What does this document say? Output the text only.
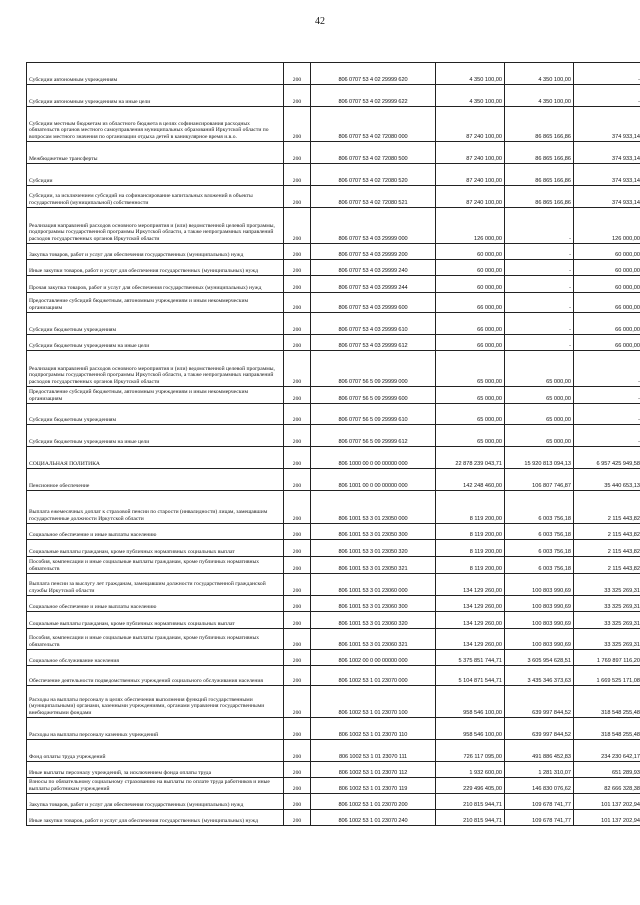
42
Субсидии автономным учреждениям	200	806 0707 53 4 02 29999 620	4 350 100,00	4 350 100,00	-
Субсидии автономным учреждениям на иные цели	200	806 0707 53 4 02 29999 622	4 350 100,00	4 350 100,00	-
Субсидии местным бюджетам из областного бюджета в целях софинансирования расходных обязательств органов местного самоуправления муниципальных образований Иркутской области по вопросам местного значения по организации отдыха детей в каникулярное время и.в.о.	200	806 0707 53 4 02 72080 000	87 240 100,00	86 865 166,86	374 933,14
Межбюджетные трансферты	200	806 0707 53 4 02 72080 500	87 240 100,00	86 865 166,86	374 933,14
Субсидии	200	806 0707 53 4 02 72080 520	87 240 100,00	86 865 166,86	374 933,14
Субсидии, за исключением субсидий на софинансирование капитальных вложений в объекты государственной (муниципальной) собственности	200	806 0707 53 4 02 72080 521	87 240 100,00	86 865 166,86	374 933,14
Реализация направлений расходов основного мероприятия и (или) ведомственной целевой программы, подпрограммы государственной программы Иркутской области, а также непрограммных направлений расходов государственных органов Иркутской области	200	806 0707 53 4 03 29999 000	126 000,00	-	126 000,00
Закупка товаров, работ и услуг для обеспечения государственных (муниципальных) нужд	200	806 0707 53 4 03 29999 200	60 000,00	-	60 000,00
Иные закупки товаров, работ и услуг для обеспечения государственных (муниципальных) нужд	200	806 0707 53 4 03 29999 240	60 000,00	-	60 000,00
Прочая закупка товаров, работ и услуг для обеспечения государственных (муниципальных) нужд	200	806 0707 53 4 03 29999 244	60 000,00	-	60 000,00
Предоставление субсидий бюджетным, автономным учреждениям и иным некоммерческим организациям	200	806 0707 53 4 03 29999 600	66 000,00	-	66 000,00
Субсидии бюджетным учреждениям	200	806 0707 53 4 03 29999 610	66 000,00	-	66 000,00
Субсидии бюджетным учреждениям на иные цели	200	806 0707 53 4 03 29999 612	66 000,00	-	66 000,00
Реализация направлений расходов основного мероприятия и (или) ведомственной целевой программы, подпрограммы государственной программы Иркутской области, а также непрограммных направлений расходов государственных органов Иркутской области	200	806 0707 56 5 09 29999 000	65 000,00	65 000,00	-
Предоставление субсидий бюджетным, автономным учреждениям и иным некоммерческим организациям	200	806 0707 56 5 09 29999 600	65 000,00	65 000,00	-
Субсидии бюджетным учреждениям	200	806 0707 56 5 09 29999 610	65 000,00	65 000,00	-
Субсидии бюджетным учреждениям на иные цели	200	806 0707 56 5 09 29999 612	65 000,00	65 000,00	-
СОЦИАЛЬНАЯ ПОЛИТИКА	200	806 1000 00 0 00 00000 000	22 878 239 043,71	15 920 813 094,13	6 957 425 949,58
Пенсионное обеспечение	200	806 1001 00 0 00 00000 000	142 248 460,00	106 807 746,87	35 440 653,13
Выплата ежемесячных доплат к страховой пенсии по старости (инвалидности) лицам, замещавшим государственные должности Иркутской области	200	806 1001 53 3 01 23050 000	8 119 200,00	6 003 756,18	2 115 443,82
Социальное обеспечение и иные выплаты населению	200	806 1001 53 3 01 23050 300	8 119 200,00	6 003 756,18	2 115 443,82
Социальные выплаты гражданам, кроме публичных нормативных социальных выплат	200	806 1001 53 3 01 23050 320	8 119 200,00	6 003 756,18	2 115 443,82
Пособия, компенсации и иные социальные выплаты гражданам, кроме публичных нормативных обязательств	200	806 1001 53 3 01 23050 321	8 119 200,00	6 003 756,18	2 115 443,82
Выплата пенсии за выслугу лет гражданам, замещавшим должности государственной гражданской службы Иркутской области	200	806 1001 53 3 01 23060 000	134 129 260,00	100 803 990,69	33 325 269,31
Социальное обеспечение и иные выплаты населению	200	806 1001 53 3 01 23060 300	134 129 260,00	100 803 990,69	33 325 269,31
Социальные выплаты гражданам, кроме публичных нормативных социальных выплат	200	806 1001 53 3 01 23060 320	134 129 260,00	100 803 990,69	33 325 269,31
Пособия, компенсации и иные социальные выплаты гражданам, кроме публичных нормативных обязательств	200	806 1001 53 3 01 23060 321	134 129 260,00	100 803 990,69	33 325 269,31
Социальное обслуживание населения	200	806 1002 00 0 00 00000 000	5 375 851 744,71	3 605 954 628,51	1 769 897 116,20
Обеспечение деятельности подведомственных учреждений социального обслуживания населения	200	806 1002 53 1 01 23070 000	5 104 871 544,71	3 435 346 373,63	1 669 525 171,08
Расходы на выплаты персоналу в целях обеспечения выполнения функций государственными (муниципальными) органами, казенными учреждениями, органами управления государственными внебюджетными фондами	200	806 1002 53 1 01 23070 100	958 546 100,00	639 997 844,52	318 548 255,48
Расходы на выплаты персоналу казенных учреждений	200	806 1002 53 1 01 23070 110	958 546 100,00	639 997 844,52	318 548 255,48
Фонд оплаты труда учреждений	200	806 1002 53 1 01 23070 111	726 117 095,00	491 886 452,83	234 230 642,17
Иные выплаты персоналу учреждений, за исключением фонда оплаты труда	200	806 1002 53 1 01 23070 112	1 932 600,00	1 281 310,07	651 289,93
Взносы по обязательному социальному страхованию на выплаты по оплате труда работников и иные выплаты работникам учреждений	200	806 1002 53 1 01 23070 119	229 496 405,00	146 830 076,62	82 666 328,38
Закупка товаров, работ и услуг для обеспечения государственных (муниципальных) нужд	200	806 1002 53 1 01 23070 200	210 815 944,71	109 678 741,77	101 137 202,94
Иные закупки товаров, работ и услуг для обеспечения государственных (муниципальных) нужд	200	806 1002 53 1 01 23070 240	210 815 944,71	109 678 741,77	101 137 202,94
